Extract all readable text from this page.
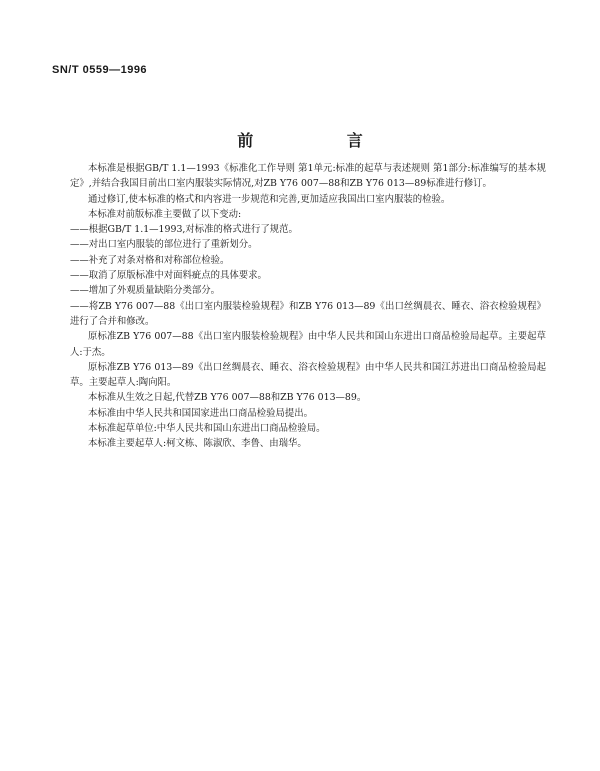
SN/T 0559—1996
前 言

本标准是根据GB/T 1.1—1993《标准化工作导则 第1单元:标准的起草与表述规则 第1部分:标准编写的基本规定》,并结合我国目前出口室内服装实际情况,对ZB Y76 007—88和ZB Y76 013—89标准进行修订。

通过修订,使本标准的格式和内容进一步规范和完善,更加适应我国出口室内服装的检验。

本标准对前版标准主要做了以下变动:

——根据GB/T 1.1—1993,对标准的格式进行了规范。

——对出口室内服装的部位进行了重新划分。

——补充了对条对格和对称部位检验。

——取消了原版标准中对面料疵点的具体要求。

——增加了外观质量缺陷分类部分。

——将ZB Y76 007—88《出口室内服装检验规程》和ZB Y76 013—89《出口丝绸晨衣、睡衣、浴衣检验规程》进行了合并和修改。

原标准ZB Y76 007—88《出口室内服装检验规程》由中华人民共和国山东进出口商品检验局起草。主要起草人:于杰。

原标准ZB Y76 013—89《出口丝绸晨衣、睡衣、浴衣检验规程》由中华人民共和国江苏进出口商品检验局起草。主要起草人:陶向阳。

本标准从生效之日起,代替ZB Y76 007—88和ZB Y76 013—89。

本标准由中华人民共和国国家进出口商品检验局提出。

本标准起草单位:中华人民共和国山东进出口商品检验局。

本标准主要起草人:柯文栋、陈淑欣、李鲁、由瑞华。
